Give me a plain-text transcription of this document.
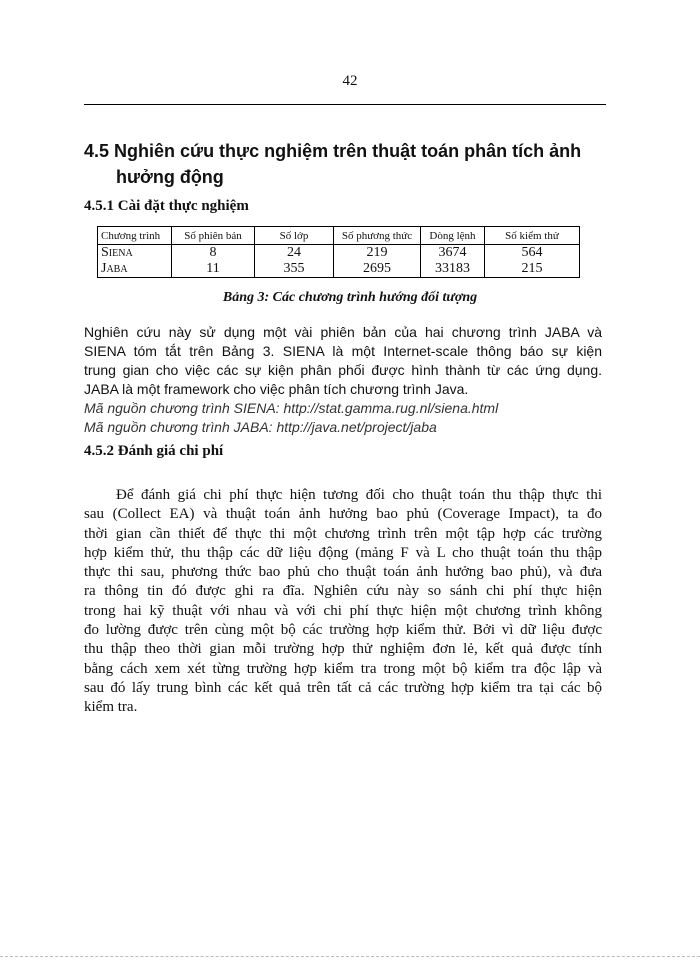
42
4.5 Nghiên cứu thực nghiệm trên thuật toán phân tích ảnh
hưởng động
4.5.1 Cài đặt thực nghiệm
Chương trình	Số phiên bản	Số lớp	Số phương thức	Dòng lệnh	Số kiểm thử
Siena	8	24	219	3674	564
Jaba	11	355	2695	33183	215
Bảng 3: Các chương trình hướng đối tượng
Nghiên cứu này sử dụng một vài phiên bản của hai chương trình JABA và
SIENA tóm tắt trên Bảng 3. SIENA là một Internet-scale thông báo sự kiện
trung gian cho việc các sự kiện phân phối được hình thành từ các ứng dụng.
JABA là một framework cho việc phân tích chương trình Java.
Mã nguồn chương trình SIENA: http://stat.gamma.rug.nl/siena.html
Mã nguồn chương trình JABA: http://java.net/project/jaba
4.5.2 Đánh giá chi phí
Để đánh giá chi phí thực hiện tương đối cho thuật toán thu thập thực thi
sau (Collect EA) và thuật toán ảnh hưởng bao phủ (Coverage Impact), ta đo
thời gian cần thiết để thực thi một chương trình trên một tập hợp các trường
hợp kiểm thử, thu thập các dữ liệu động (mảng F và L cho thuật toán thu thập
thực thi sau, phương thức bao phủ cho thuật toán ảnh hưởng bao phủ), và đưa
ra thông tin đó được ghi ra đĩa. Nghiên cứu này so sánh chi phí thực hiện
trong hai kỹ thuật với nhau và với chi phí thực hiện một chương trình không
đo lường được trên cùng một bộ các trường hợp kiểm thử. Bởi vì dữ liệu được
thu thập theo thời gian mỗi trường hợp thử nghiệm đơn lẻ, kết quả được tính
bằng cách xem xét từng trường hợp kiểm tra trong một bộ kiểm tra độc lập và
sau đó lấy trung bình các kết quả trên tất cả các trường hợp kiểm tra tại các bộ
kiểm tra.
